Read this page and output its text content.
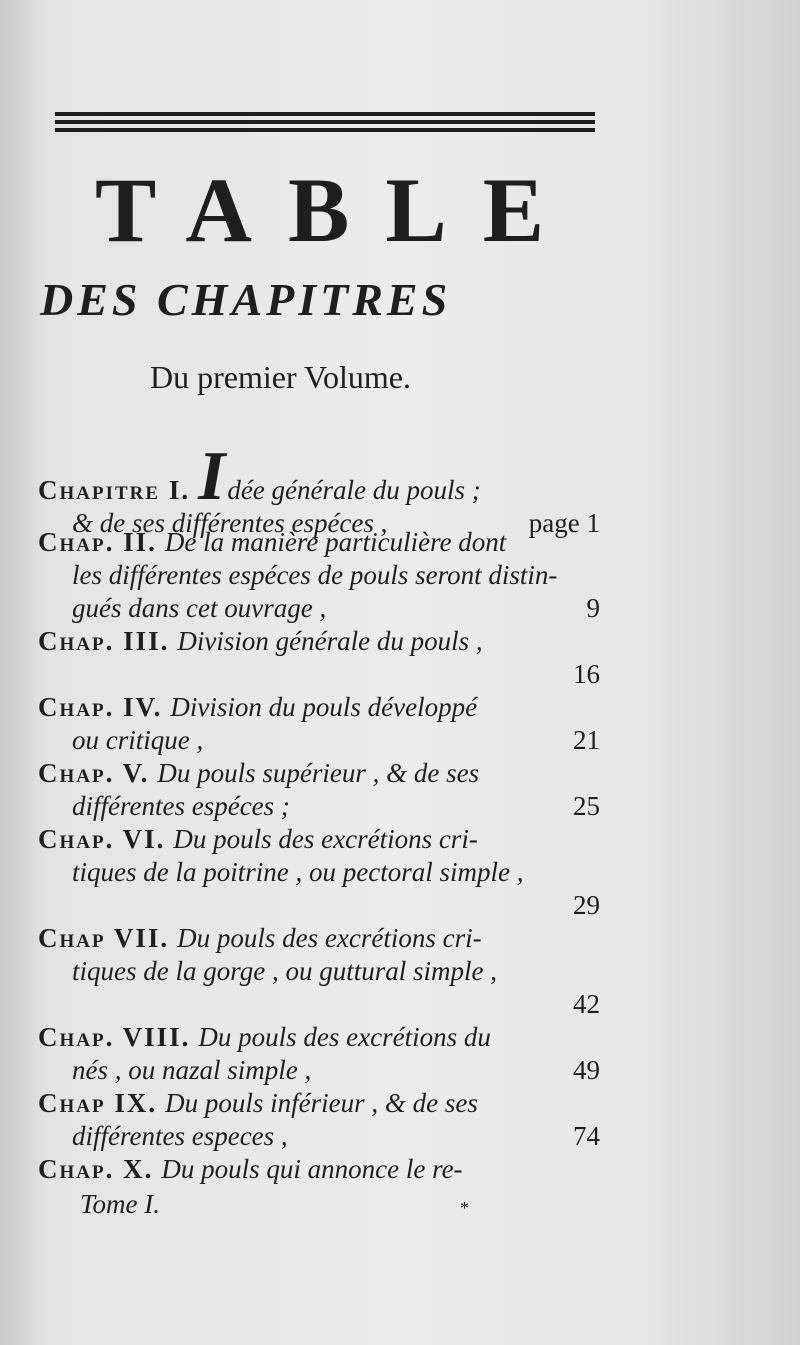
TABLE
DES CHAPITRES
Du premier Volume.
Chapitre I. I dée générale du pouls ;
& de ses différentes espéces ,	page 1
Chap. II. De la manière particulière dont
les différentes espéces de pouls seront distin-
gués dans cet ouvrage ,	9
Chap. III. Division générale du pouls ,
16
Chap. IV. Division du pouls développé
ou critique ,	21
Chap. V. Du pouls supérieur , & de ses
différentes espéces ;	25
Chap. VI. Du pouls des excrétions cri-
tiques de la poitrine , ou pectoral simple ,
29
Chap VII. Du pouls des excrétions cri-
tiques de la gorge , ou guttural simple ,
42
Chap. VIII. Du pouls des excrétions du
nés , ou nazal simple ,	49
Chap IX. Du pouls inférieur , & de ses
différentes especes ,	74
Chap. X. Du pouls qui annonce le re-
Tome I.	*
